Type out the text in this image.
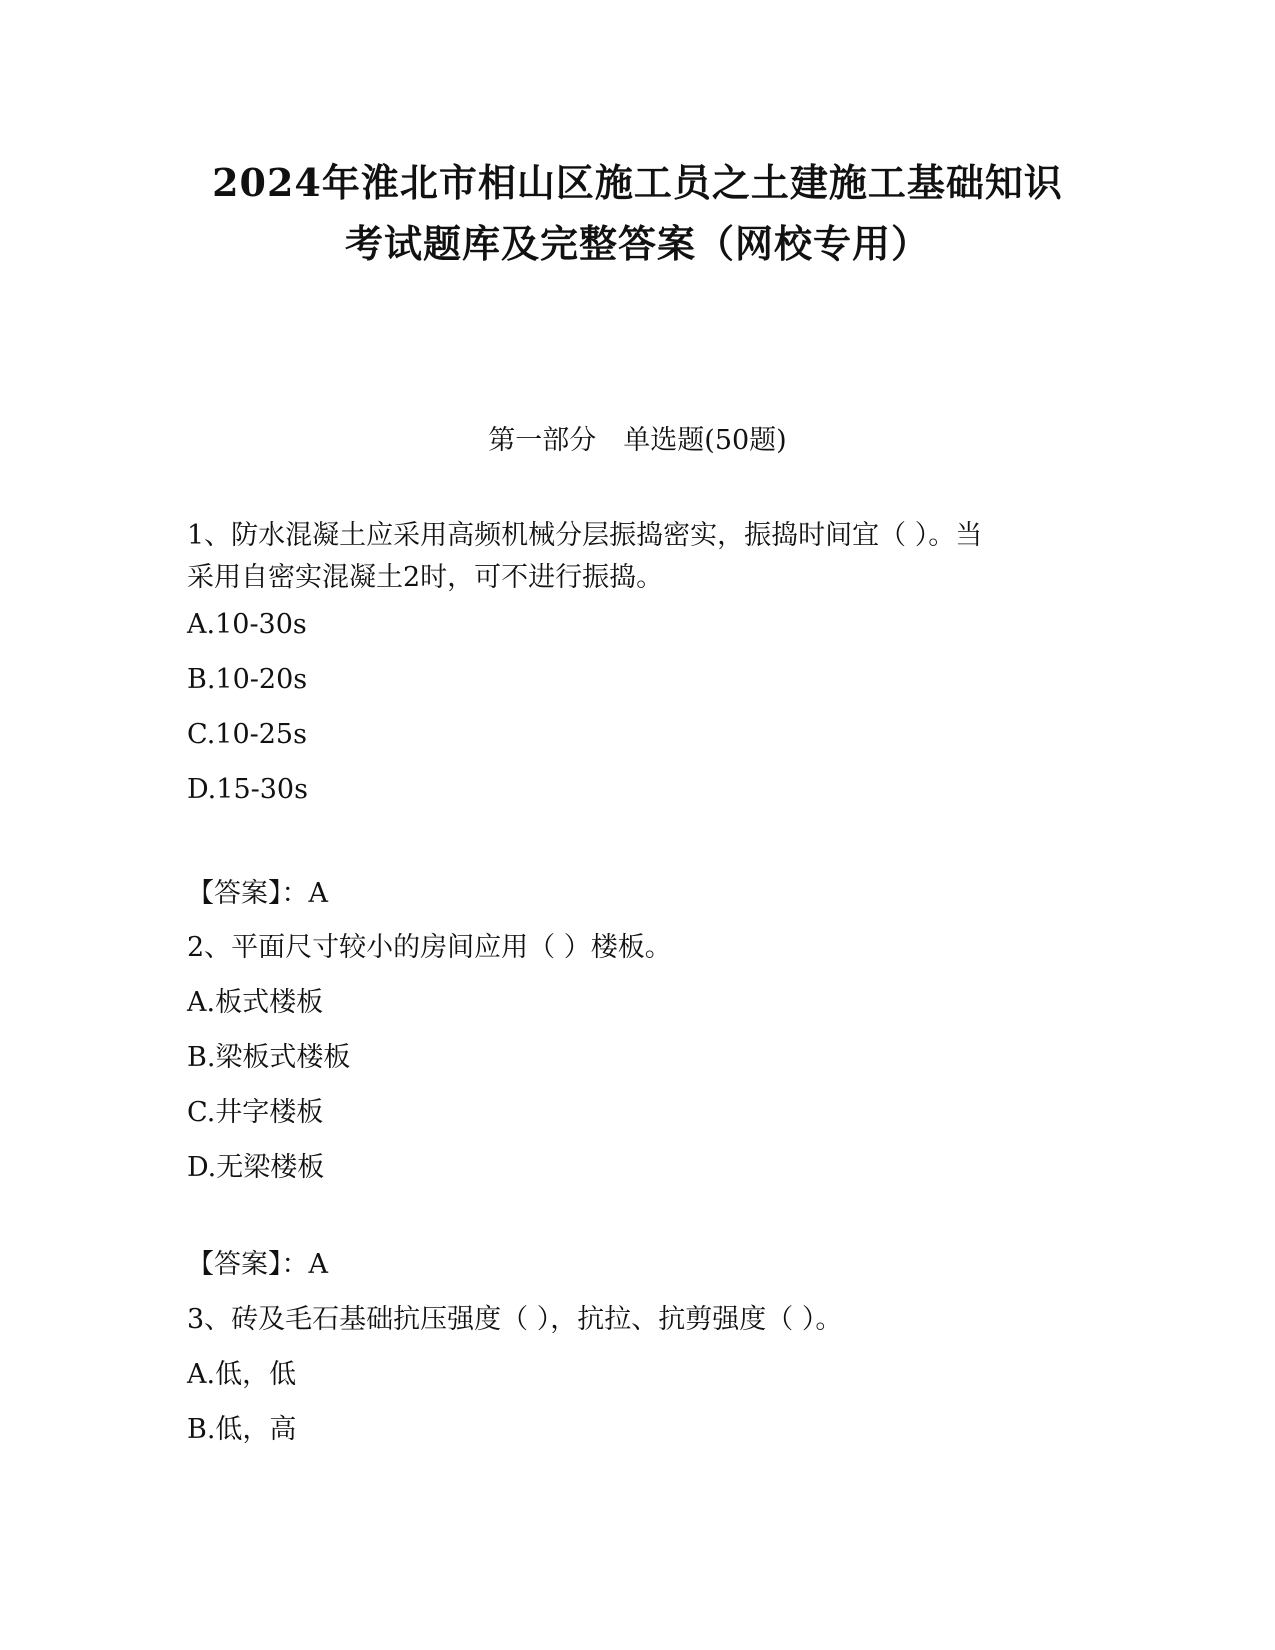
2024年淮北市相山区施工员之土建施工基础知识
考试题库及完整答案（网校专用）
第一部分　单选题(50题)
1、防水混凝土应采用高频机械分层振捣密实，振捣时间宜（ ）。当
采用自密实混凝土2时，可不进行振捣。
A.10-30s
B.10-20s
C.10-25s
D.15-30s
【答案】：A
2、平面尺寸较小的房间应用（ ）楼板。
A.板式楼板
B.梁板式楼板
C.井字楼板
D.无梁楼板
【答案】：A
3、砖及毛石基础抗压强度（ ），抗拉、抗剪强度（ ）。
A.低，低
B.低，高
